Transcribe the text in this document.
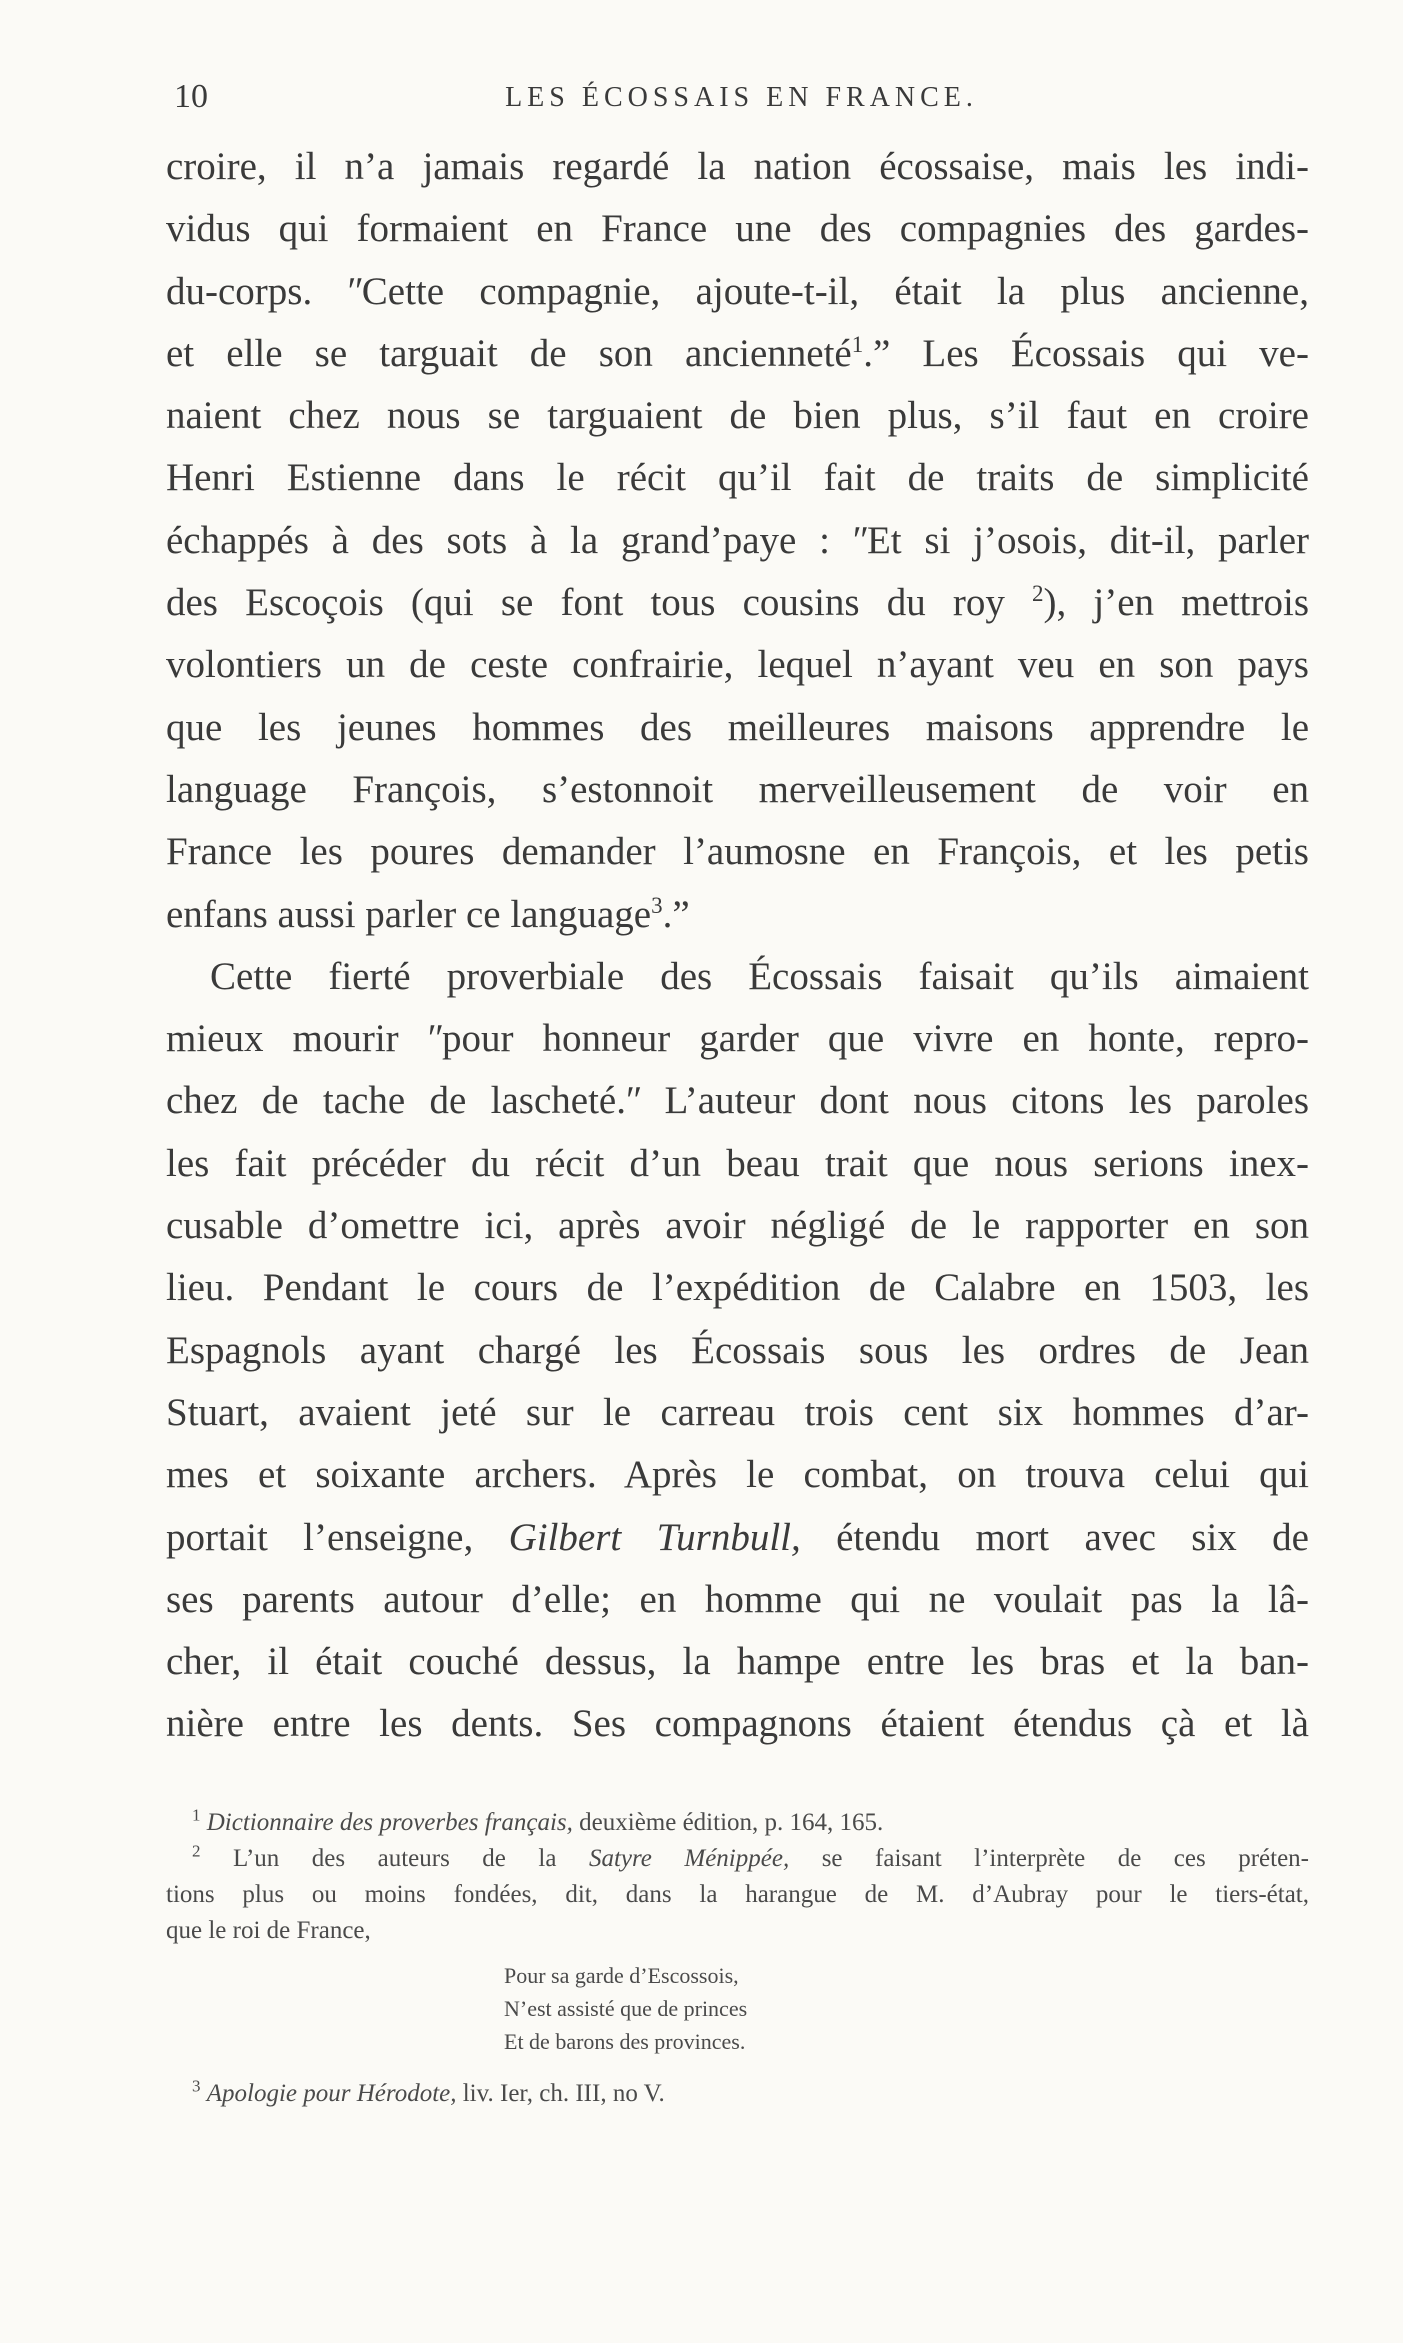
10	LES ÉCOSSAIS EN FRANCE.
croire, il n’a jamais regardé la nation écossaise, mais les indi-
vidus qui formaient en France une des compagnies des gardes-
du-corps. ʺCette compagnie, ajoute-t-il, était la plus ancienne,
et elle se targuait de son ancienneté$^1$.” Les Écossais qui ve-
naient chez nous se targuaient de bien plus, s’il faut en croire
Henri Estienne dans le récit qu’il fait de traits de simplicité
échappés à des sots à la grand’paye : ʺEt si j’osois, dit-il, parler
des Escoçois (qui se font tous cousins du roy $^2$), j’en mettrois
volontiers un de ceste confrairie, lequel n’ayant veu en son pays
que les jeunes hommes des meilleures maisons apprendre le
language François, s’estonnoit merveilleusement de voir en
France les poures demander l’aumosne en François, et les petis
enfans aussi parler ce language$^3$.”
Cette fierté proverbiale des Écossais faisait qu’ils aimaient
mieux mourir ʺpour honneur garder que vivre en honte, repro-
chez de tache de lascheté.ʺ L’auteur dont nous citons les paroles
les fait précéder du récit d’un beau trait que nous serions inex-
cusable d’omettre ici, après avoir négligé de le rapporter en son
lieu. Pendant le cours de l’expédition de Calabre en 1503, les
Espagnols ayant chargé les Écossais sous les ordres de Jean
Stuart, avaient jeté sur le carreau trois cent six hommes d’ar-
mes et soixante archers. Après le combat, on trouva celui qui
portait l’enseigne, Gilbert Turnbull, étendu mort avec six de
ses parents autour d’elle; en homme qui ne voulait pas la lâ-
cher, il était couché dessus, la hampe entre les bras et la ban-
nière entre les dents. Ses compagnons étaient étendus çà et là
$^1$ Dictionnaire des proverbes français, deuxième édition, p. 164, 165.
$^2$ L’un des auteurs de la Satyre Ménippée, se faisant l’interprète de ces préten-
tions plus ou moins fondées, dit, dans la harangue de M. d’Aubray pour le tiers-état,
que le roi de France,
Pour sa garde d’Escossois,
N’est assisté que de princes
Et de barons des provinces.
$^3$ Apologie pour Hérodote, liv. Ier, ch. III, no V.
